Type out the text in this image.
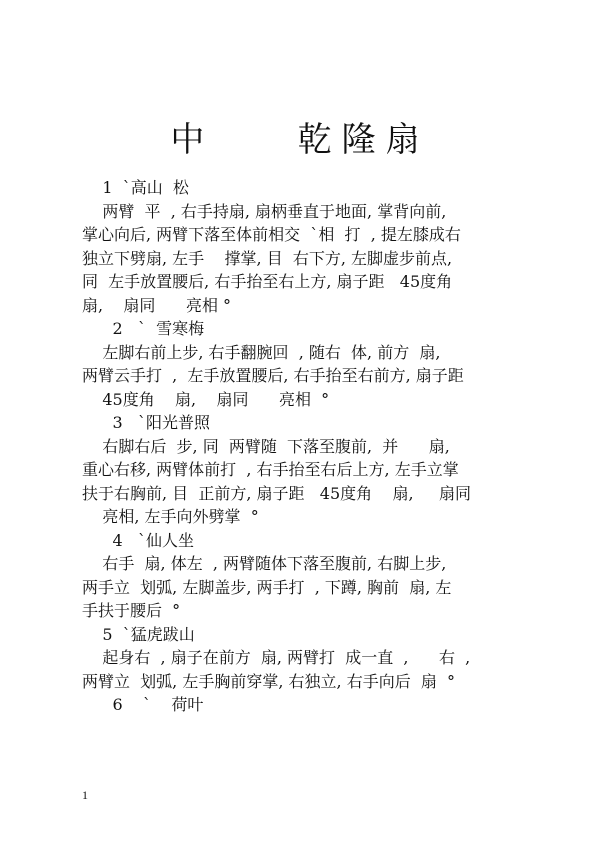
中    乾隆扇

1  `高山  松

两臂  平  , 右手持扇, 扇柄垂直于地面, 掌背向前,

掌心向后, 两臂下落至体前相交  `相  打  , 提左膝成右

独立下劈扇, 左手    撑掌, 目  右下方, 左脚虚步前点,

同  左手放置腰后, 右手抬至右上方, 扇子距   45度角

扇,    扇同      亮相 °

2   `  雪寒梅

左脚右前上步, 右手翻腕回  , 随右  体, 前方  扇,

两臂云手打  ,  左手放置腰后, 右手抬至右前方, 扇子距

45度角    扇,    扇同      亮相  °

3   `阳光普照

右脚右后  步, 同  两臂随  下落至腹前,  并      扇,

重心右移, 两臂体前打  , 右手抬至右后上方, 左手立掌

扶于右胸前, 目  正前方, 扇子距   45度角    扇,     扇同

亮相, 左手向外劈掌  °

4   `仙人坐

右手  扇, 体左  , 两臂随体下落至腹前, 右脚上步,

两手立  划弧, 左脚盖步, 两手打  , 下蹲, 胸前  扇, 左

手扶于腰后  °

5  `猛虎跋山

起身右  , 扇子在前方  扇, 两臂打  成一直  ,      右  ,

两臂立  划弧, 左手胸前穿掌, 右独立, 右手向后  扇  °

6    `    荷叶

1
